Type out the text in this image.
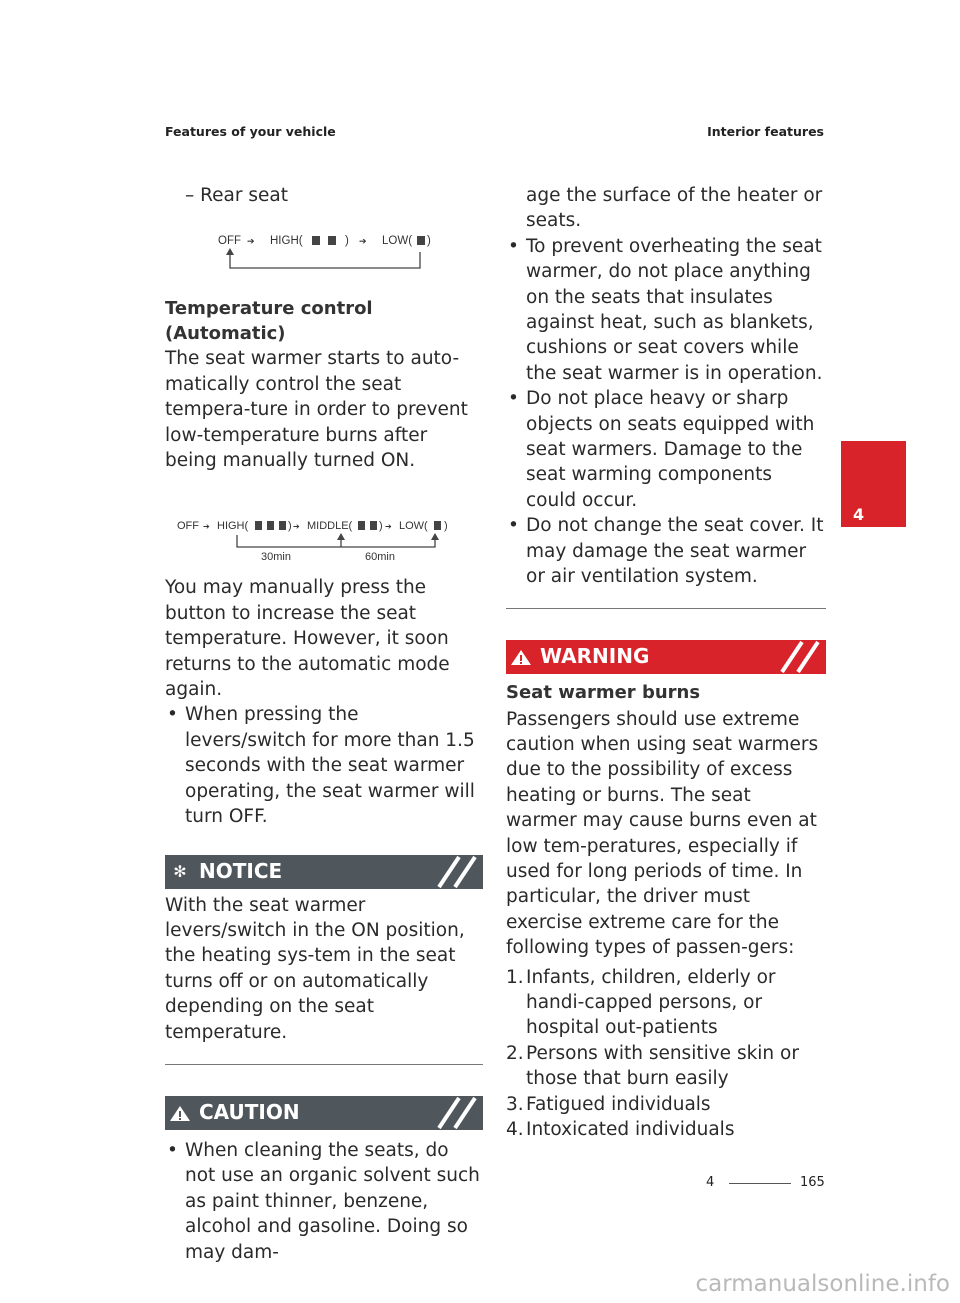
Features of your vehicle	Interior features
4

– Rear seat

OFF ➔ HIGH(	) ➔ LOW( )
Temperature control (Automatic)

The seat warmer starts to auto-matically control the seat tempera-ture in order to prevent low-temperature burns after being manually turned ON.

OFF ➔ HIGH(	) ➔ MIDDLE( ) ➔ LOW( )
30min	60min

You may manually press the button to increase the seat temperature. However, it soon returns to the automatic mode again.

• When pressing the levers/switch for more than 1.5 seconds with the seat warmer operating, the seat warmer will turn OFF.
✻ NOTICE

With the seat warmer levers/switch in the ON position, the heating sys-tem in the seat turns off or on automatically depending on the seat temperature.

CAUTION
• When cleaning the seats, do not use an organic solvent such as paint thinner, benzene, alcohol and gasoline. Doing so may dam-

age the surface of the heater or seats.

• To prevent overheating the seat warmer, do not place anything on the seats that insulates against heat, such as blankets, cushions or seat covers while the seat warmer is in operation.
• Do not place heavy or sharp objects on seats equipped with seat warmers. Damage to the seat warming components could occur.
• Do not change the seat cover. It may damage the seat warmer or air ventilation system.
WARNING
Seat warmer burns

Passengers should use extreme caution when using seat warmers due to the possibility of excess heating or burns. The seat warmer may cause burns even at low tem-peratures, especially if used for long periods of time. In particular, the driver must exercise extreme care for the following types of passen-gers:

1. Infants, children, elderly or handi-capped persons, or hospital out-patients
2. Persons with sensitive skin or those that burn easily
3. Fatigued individuals
4. Intoxicated individuals
4	165
carmanualsonline.info
